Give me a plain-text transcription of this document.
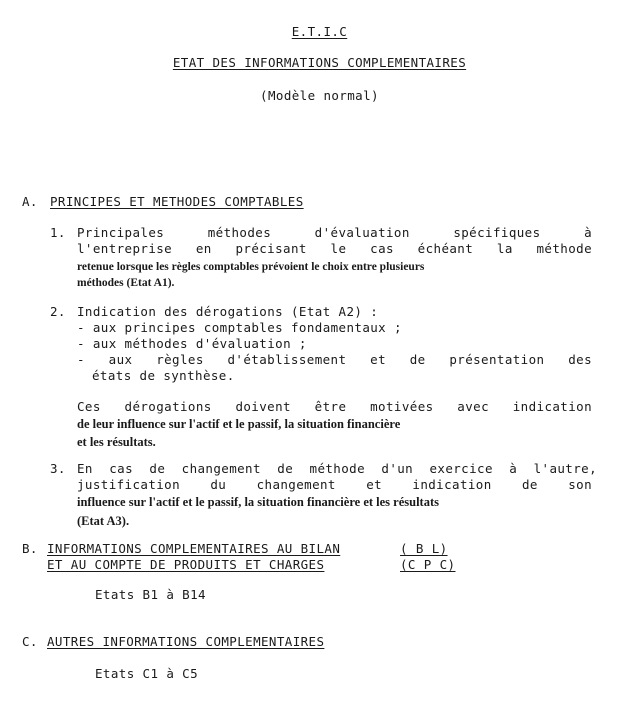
E.T.I.C
ETAT DES INFORMATIONS COMPLEMENTAIRES
(Modèle normal)
A. PRINCIPES ET METHODES COMPTABLES
1. Principales méthodes d'évaluation spécifiques à
l'entreprise en précisant le cas échéant la méthode
retenue lorsque les règles comptables prévoient le choix entre plusieurs
méthodes (Etat A1).
2. Indication des dérogations (Etat A2) :
- aux principes comptables fondamentaux ;
- aux méthodes d'évaluation ;
- aux règles d'établissement et de présentation des
états de synthèse.
Ces dérogations doivent être motivées avec indication
de leur influence sur l'actif et le passif, la situation financière
et les résultats.
3. En cas de changement de méthode d'un exercice à l'autre,
justification du changement et indication de son
influence sur l'actif et le passif, la situation financière et les résultats
(Etat A3).
B. INFORMATIONS COMPLEMENTAIRES AU BILAN	( B L)
ET AU COMPTE DE PRODUITS ET CHARGES	(C P C)
Etats B1 à B14
C. AUTRES INFORMATIONS COMPLEMENTAIRES
Etats C1 à C5
